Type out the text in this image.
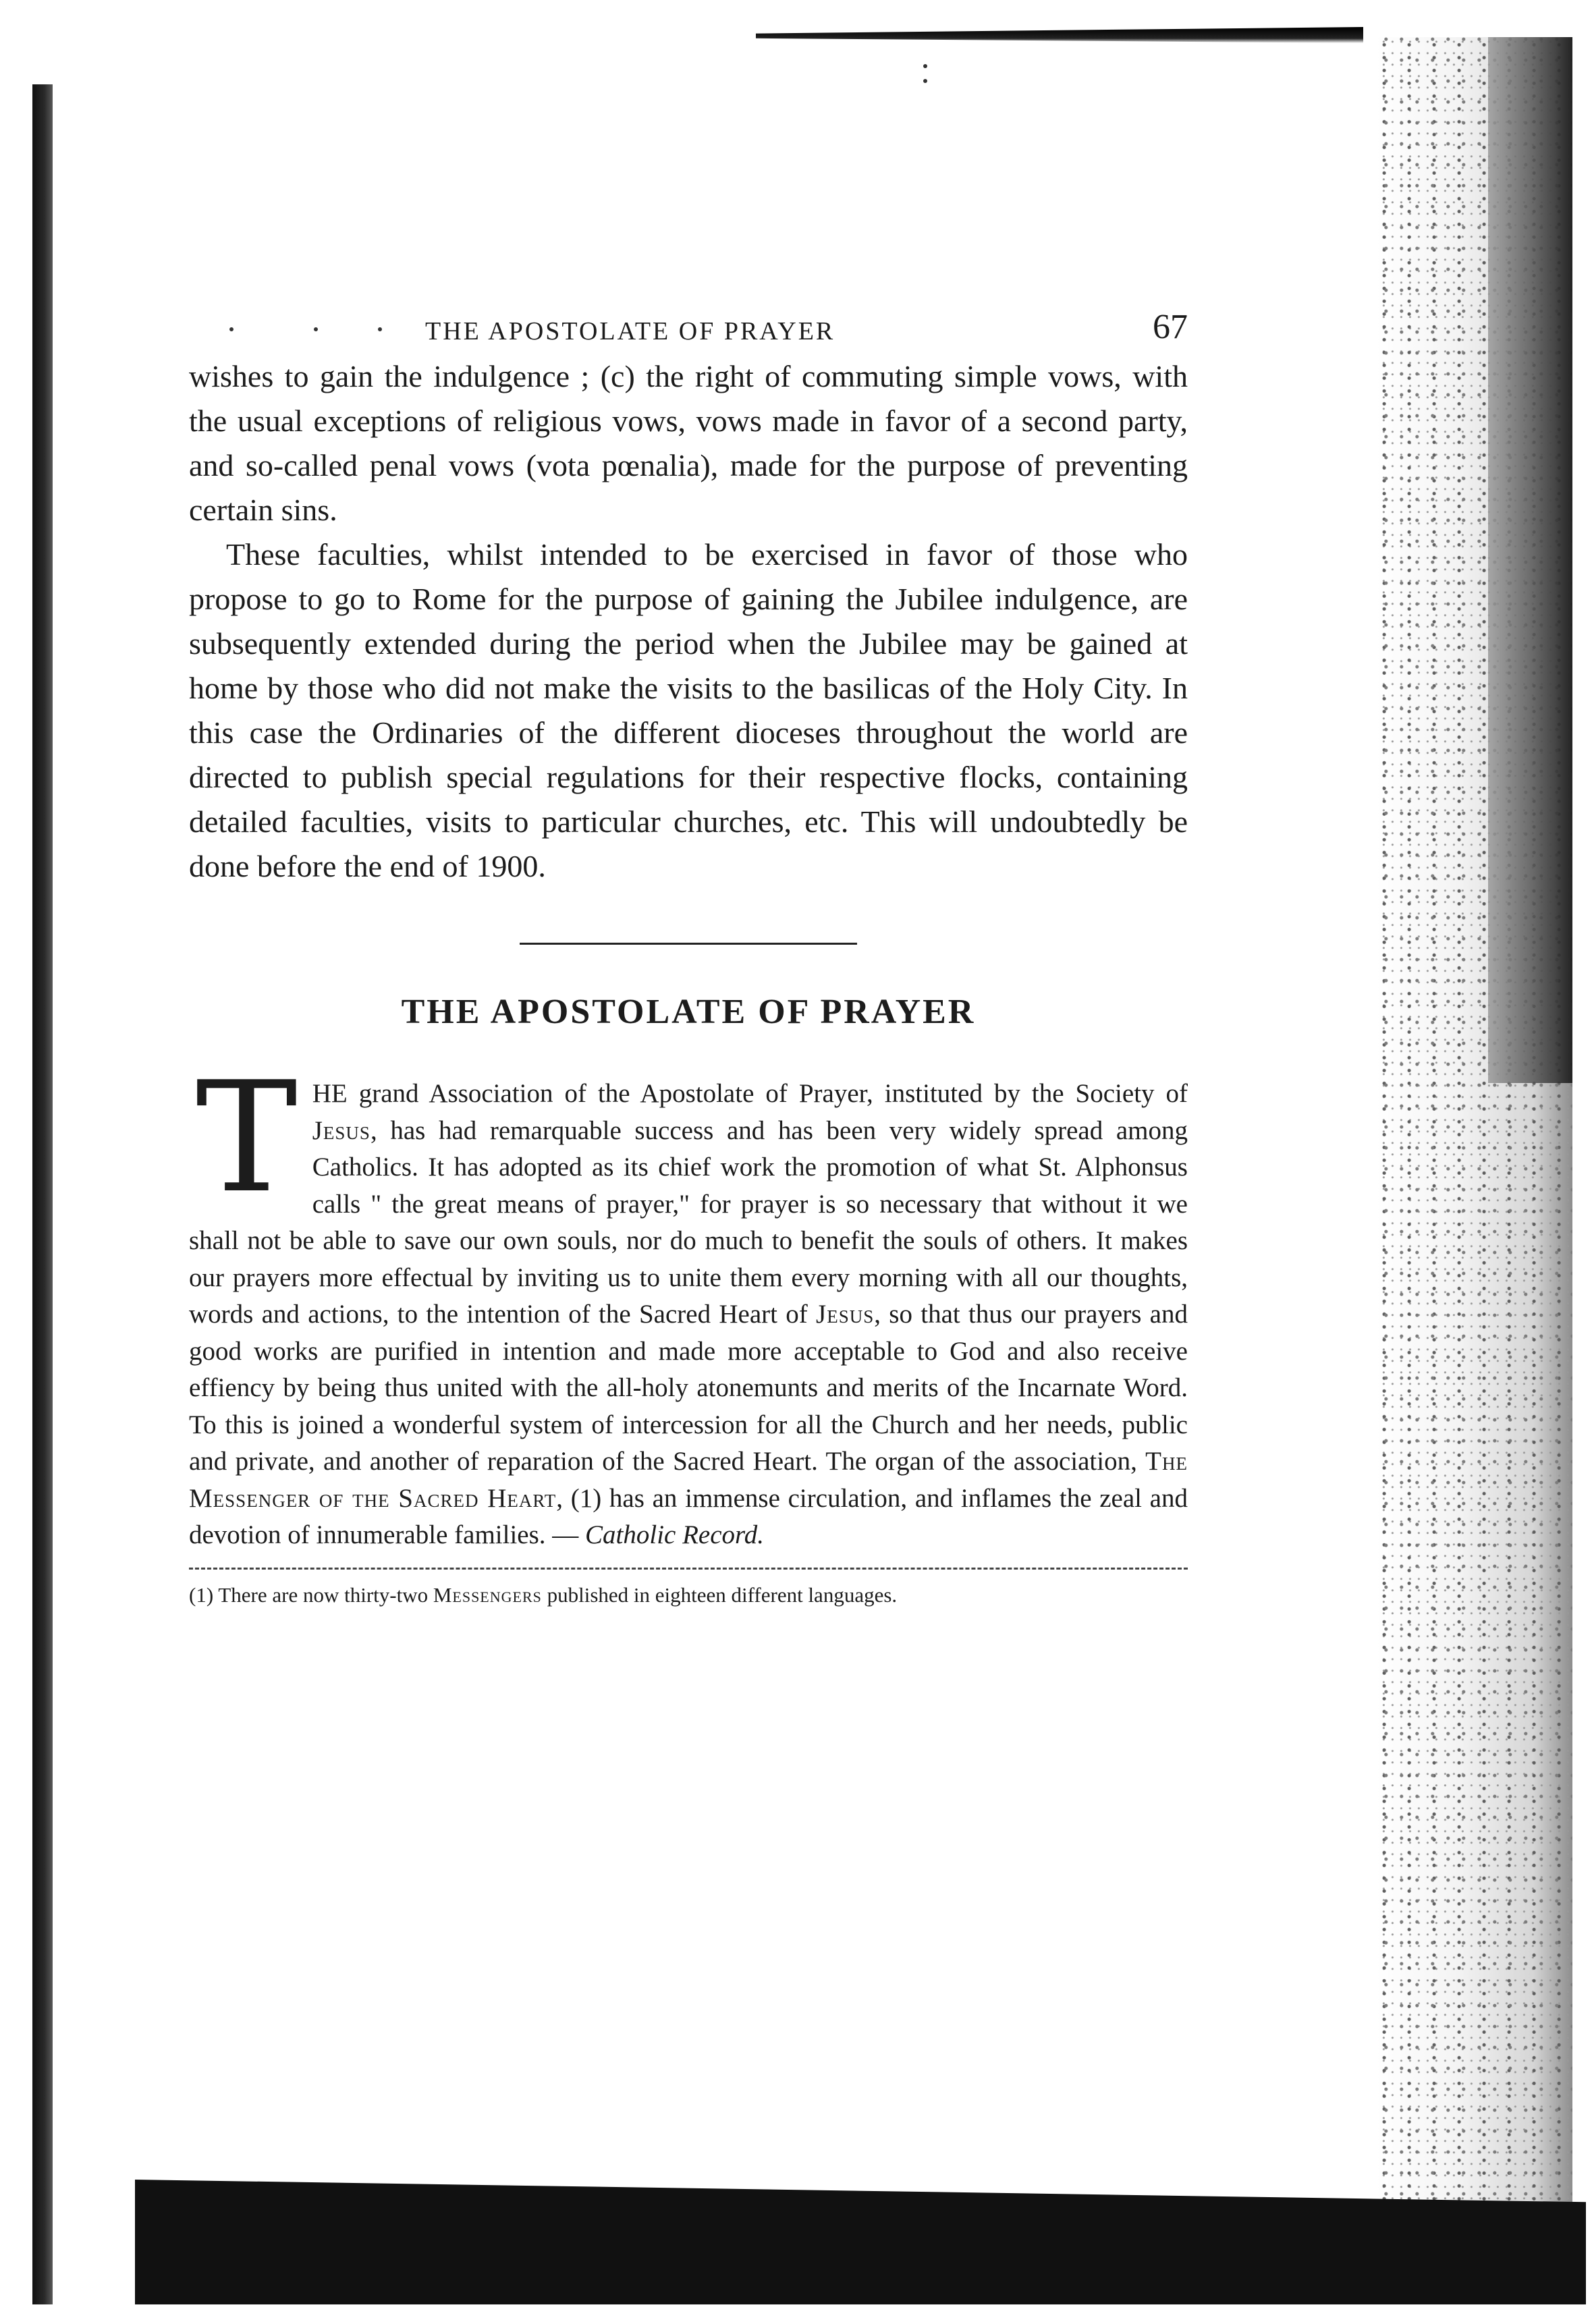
THE APOSTOLATE OF PRAYER	67

wishes to gain the indulgence ; (c) the right of commuting simple vows, with the usual exceptions of religious vows, vows made in favor of a second party, and so-called penal vows (vota pœnalia), made for the purpose of preventing certain sins.

These faculties, whilst intended to be exercised in favor of those who propose to go to Rome for the purpose of gaining the Jubilee indulgence, are subsequently extended during the period when the Jubilee may be gained at home by those who did not make the visits to the basilicas of the Holy City. In this case the Ordinaries of the different dioceses throughout the world are directed to publish special regulations for their respective flocks, containing detailed faculties, visits to particular churches, etc. This will undoubtedly be done before the end of 1900.

THE APOSTOLATE OF PRAYER

THE grand Association of the Apostolate of Prayer, instituted by the Society of Jesus, has had remarquable success and has been very widely spread among Catholics. It has adopted as its chief work the promotion of what St. Alphonsus calls " the great means of prayer," for prayer is so necessary that without it we shall not be able to save our own souls, nor do much to benefit the souls of others. It makes our prayers more effectual by inviting us to unite them every morning with all our thoughts, words and actions, to the intention of the Sacred Heart of Jesus, so that thus our prayers and good works are purified in intention and made more acceptable to God and also receive effiency by being thus united with the all-holy atonemunts and merits of the Incarnate Word. To this is joined a wonderful system of intercession for all the Church and her needs, public and private, and another of reparation of the Sacred Heart. The organ of the association, The Messenger of the Sacred Heart, (1) has an immense circulation, and inflames the zeal and devotion of innumerable families. — Catholic Record.

(1) There are now thirty-two Messengers published in eighteen different languages.
